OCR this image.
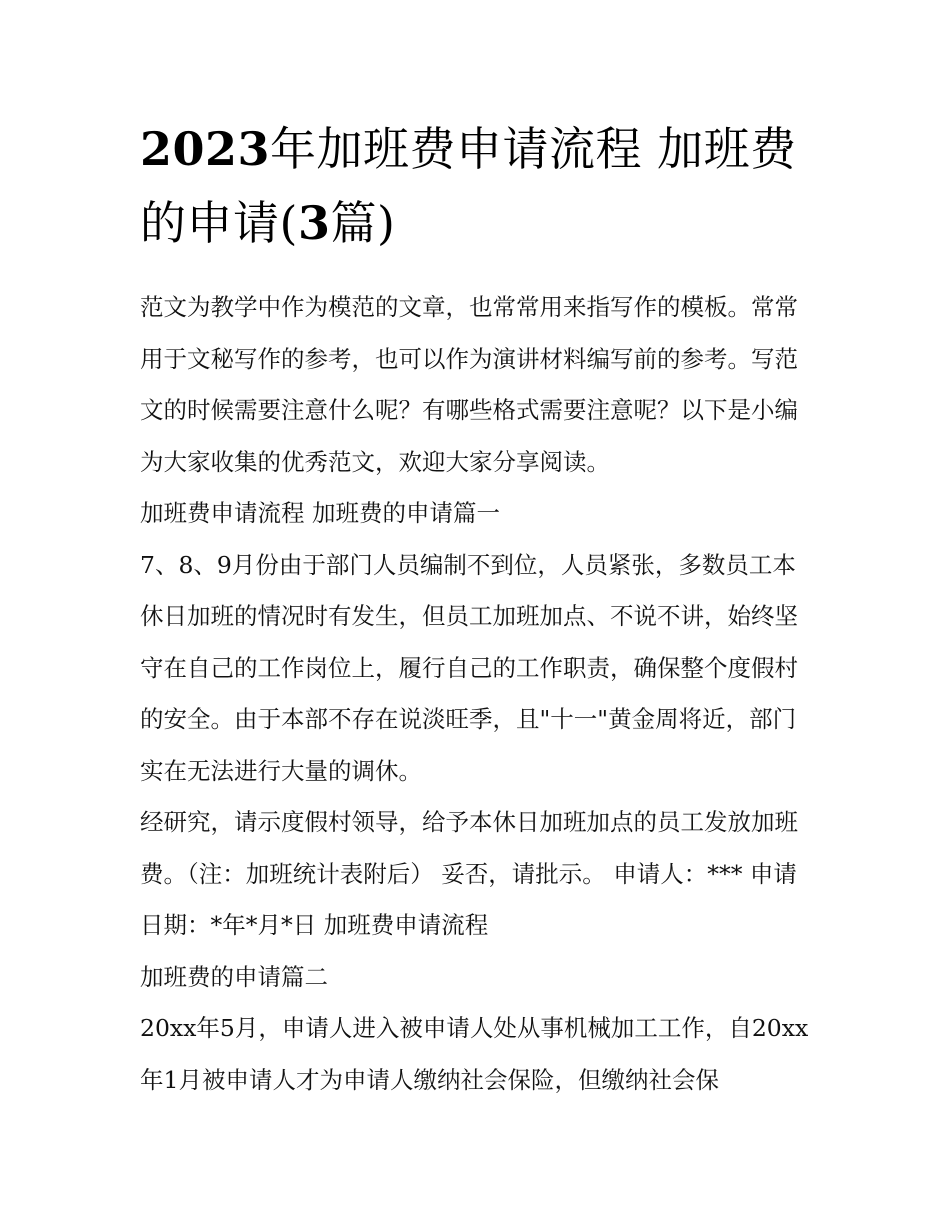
2023年加班费申请流程 加班费的申请(3篇)

范文为教学中作为模范的文章，也常常用来指写作的模板。常常用于文秘写作的参考，也可以作为演讲材料编写前的参考。写范文的时候需要注意什么呢？有哪些格式需要注意呢？以下是小编为大家收集的优秀范文，欢迎大家分享阅读。

加班费申请流程 加班费的申请篇一

7、8、9月份由于部门人员编制不到位，人员紧张，多数员工本休日加班的情况时有发生，但员工加班加点、不说不讲，始终坚守在自己的工作岗位上，履行自己的工作职责，确保整个度假村的安全。由于本部不存在说淡旺季，且"十一"黄金周将近，部门实在无法进行大量的调休。

经研究，请示度假村领导，给予本休日加班加点的员工发放加班费。（注：加班统计表附后） 妥否，请批示。 申请人：*** 申请日期：*年*月*日 加班费申请流程

加班费的申请篇二

20xx年5月，申请人进入被申请人处从事机械加工工作，自20xx年1月被申请人才为申请人缴纳社会保险，但缴纳社会保
